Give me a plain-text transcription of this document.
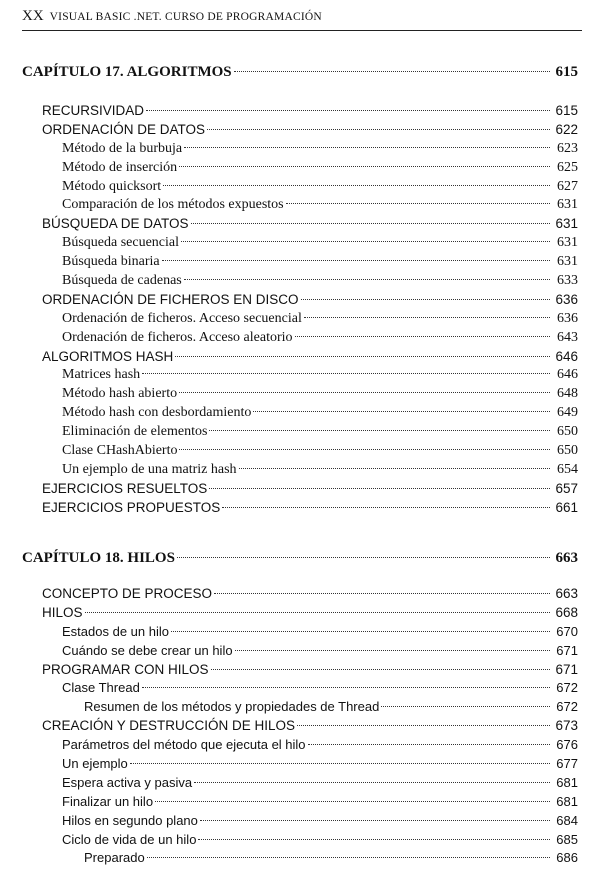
XX VISUAL BASIC .NET. CURSO DE PROGRAMACIÓN
CAPÍTULO 17. ALGORITMOS	615
RECURSIVIDAD	615
ORDENACIÓN DE DATOS	622
Método de la burbuja	623
Método de inserción	625
Método quicksort	627
Comparación de los métodos expuestos	631
BÚSQUEDA DE DATOS	631
Búsqueda secuencial	631
Búsqueda binaria	631
Búsqueda de cadenas	633
ORDENACIÓN DE FICHEROS EN DISCO	636
Ordenación de ficheros. Acceso secuencial	636
Ordenación de ficheros. Acceso aleatorio	643
ALGORITMOS HASH	646
Matrices hash	646
Método hash abierto	648
Método hash con desbordamiento	649
Eliminación de elementos	650
Clase CHashAbierto	650
Un ejemplo de una matriz hash	654
EJERCICIOS RESUELTOS	657
EJERCICIOS PROPUESTOS	661
CAPÍTULO 18. HILOS	663
CONCEPTO DE PROCESO	663
HILOS	668
Estados de un hilo	670
Cuándo se debe crear un hilo	671
PROGRAMAR CON HILOS	671
Clase Thread	672
Resumen de los métodos y propiedades de Thread	672
CREACIÓN Y DESTRUCCIÓN DE HILOS	673
Parámetros del método que ejecuta el hilo	676
Un ejemplo	677
Espera activa y pasiva	681
Finalizar un hilo	681
Hilos en segundo plano	684
Ciclo de vida de un hilo	685
Preparado	686
